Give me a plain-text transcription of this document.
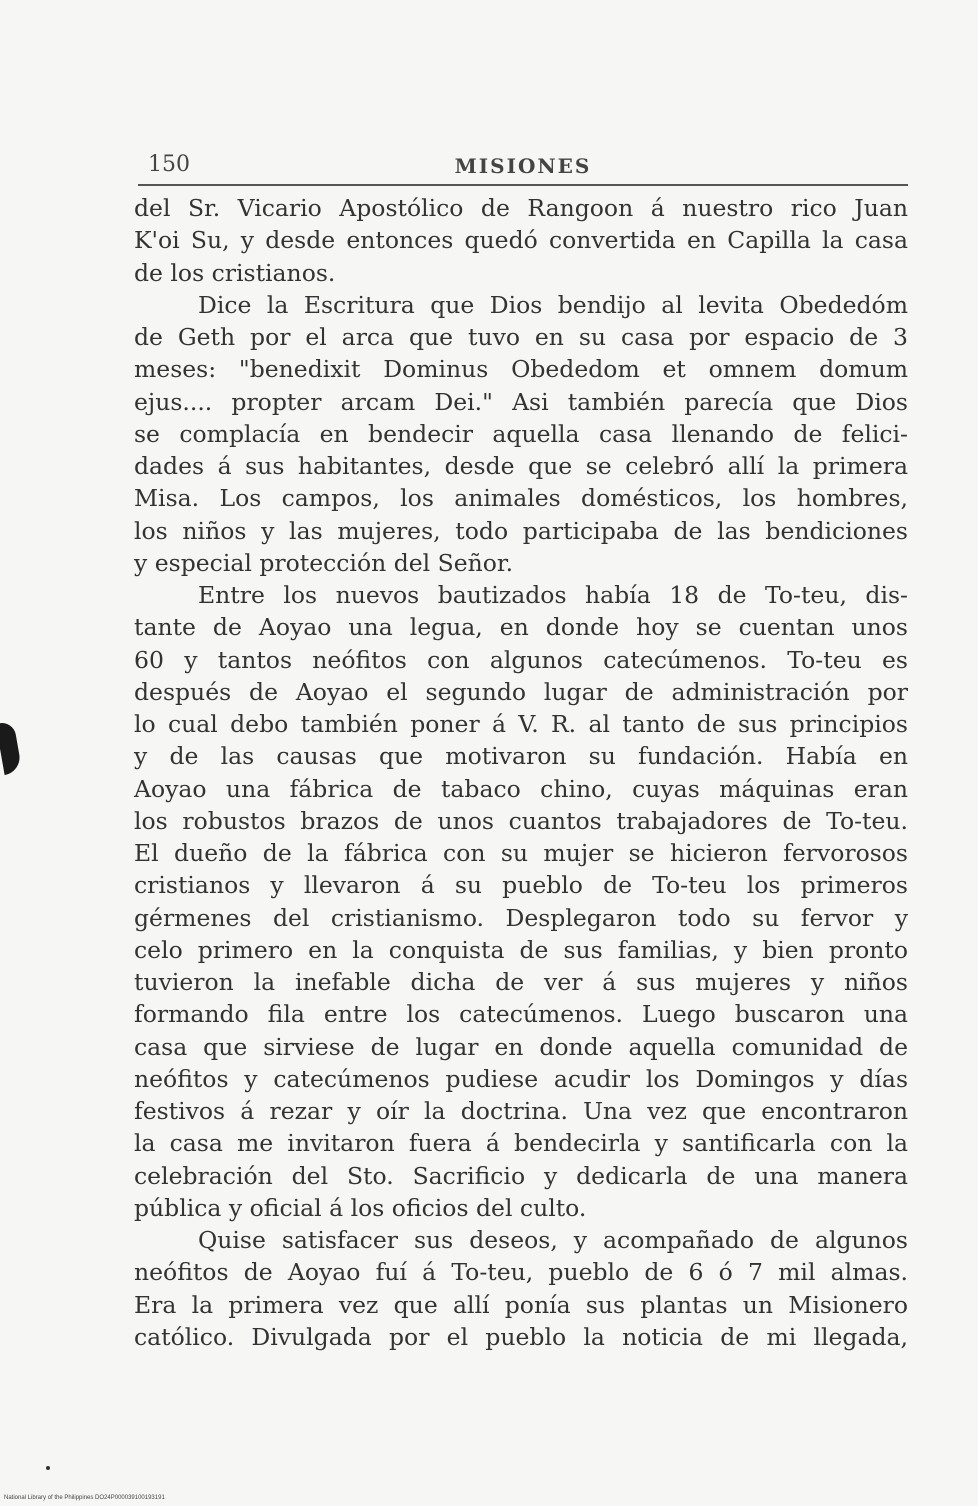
150	MISIONES
del Sr. Vicario Apostólico de Rangoon á nuestro rico Juan
K'oi Su, y desde entonces quedó convertida en Capilla la casa
de los cristianos.
Dice la Escritura que Dios bendijo al levita Obededóm
de Geth por el arca que tuvo en su casa por espacio de 3
meses: "benedixit Dominus Obededom et omnem domum
ejus.... propter arcam Dei." Asi también parecía que Dios
se complacía en bendecir aquella casa llenando de felici-
dades á sus habitantes, desde que se celebró allí la primera
Misa. Los campos, los animales domésticos, los hombres,
los niños y las mujeres, todo participaba de las bendiciones
y especial protección del Señor.
Entre los nuevos bautizados había 18 de To-teu, dis-
tante de Aoyao una legua, en donde hoy se cuentan unos
60 y tantos neófitos con algunos catecúmenos. To-teu es
después de Aoyao el segundo lugar de administración por
lo cual debo también poner á V. R. al tanto de sus principios
y de las causas que motivaron su fundación. Había en
Aoyao una fábrica de tabaco chino, cuyas máquinas eran
los robustos brazos de unos cuantos trabajadores de To-teu.
El dueño de la fábrica con su mujer se hicieron fervorosos
cristianos y llevaron á su pueblo de To-teu los primeros
gérmenes del cristianismo. Desplegaron todo su fervor y
celo primero en la conquista de sus familias, y bien pronto
tuvieron la inefable dicha de ver á sus mujeres y niños
formando fila entre los catecúmenos. Luego buscaron una
casa que sirviese de lugar en donde aquella comunidad de
neófitos y catecúmenos pudiese acudir los Domingos y días
festivos á rezar y oír la doctrina. Una vez que encontraron
la casa me invitaron fuera á bendecirla y santificarla con la
celebración del Sto. Sacrificio y dedicarla de una manera
pública y oficial á los oficios del culto.
Quise satisfacer sus deseos, y acompañado de algunos
neófitos de Aoyao fuí á To-teu, pueblo de 6 ó 7 mil almas.
Era la primera vez que allí ponía sus plantas un Misionero
católico. Divulgada por el pueblo la noticia de mi llegada,
National Library of the Philippines DO24P000039100193191
